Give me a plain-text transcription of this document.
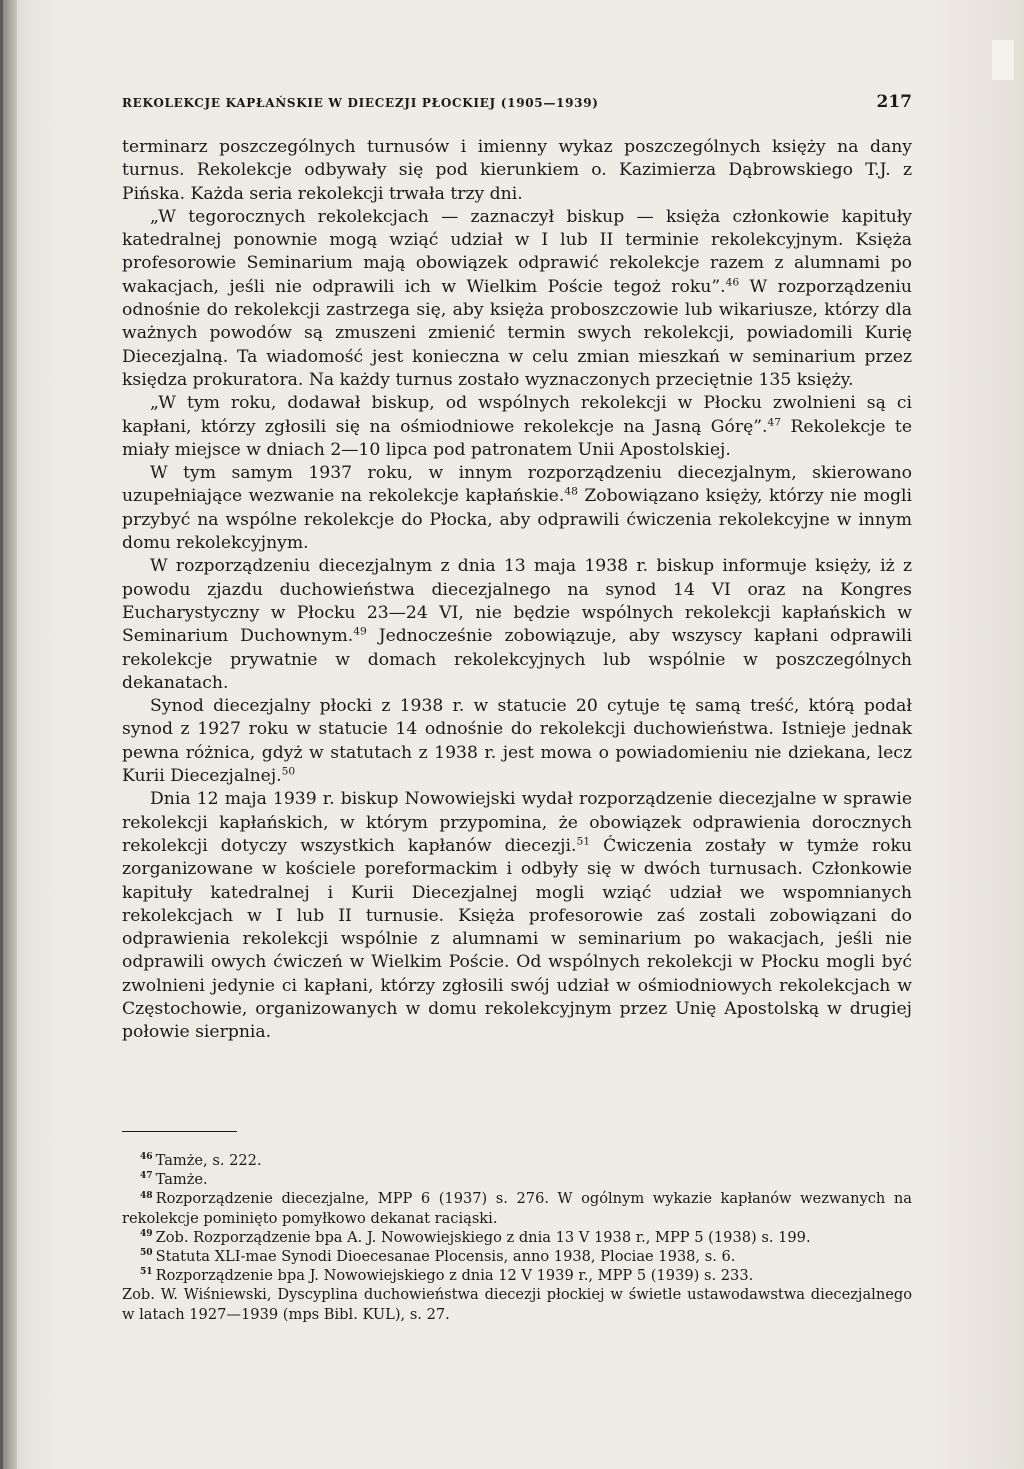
REKOLEKCJE KAPŁAŃSKIE W DIECEZJI PŁOCKIEJ (1905—1939)	217

terminarz poszczególnych turnusów i imienny wykaz poszczególnych księży na dany turnus. Rekolekcje odbywały się pod kierunkiem o. Kazimierza Dąbrowskiego T.J. z Pińska. Każda seria rekolekcji trwała trzy dni.

„W tegorocznych rekolekcjach — zaznaczył biskup — księża członkowie kapituły katedralnej ponownie mogą wziąć udział w I lub II terminie rekolekcyjnym. Księża profesorowie Seminarium mają obowiązek odprawić rekolekcje razem z alumnami po wakacjach, jeśli nie odprawili ich w Wielkim Poście tegoż roku”.$^{46}$ W rozporządzeniu odnośnie do rekolekcji zastrzega się, aby księża proboszczowie lub wikariusze, którzy dla ważnych powodów są zmuszeni zmienić termin swych rekolekcji, powiadomili Kurię Diecezjalną. Ta wiadomość jest konieczna w celu zmian mieszkań w seminarium przez księdza prokuratora. Na każdy turnus zostało wyznaczonych przeciętnie 135 księży.

„W tym roku, dodawał biskup, od wspólnych rekolekcji w Płocku zwolnieni są ci kapłani, którzy zgłosili się na ośmiodniowe rekolekcje na Jasną Górę”.$^{47}$ Rekolekcje te miały miejsce w dniach 2—10 lipca pod patronatem Unii Apostolskiej.

W tym samym 1937 roku, w innym rozporządzeniu diecezjalnym, skierowano uzupełniające wezwanie na rekolekcje kapłańskie.$^{48}$ Zobowiązano księży, którzy nie mogli przybyć na wspólne rekolekcje do Płocka, aby odprawili ćwiczenia rekolekcyjne w innym domu rekolekcyjnym.

W rozporządzeniu diecezjalnym z dnia 13 maja 1938 r. biskup informuje księży, iż z powodu zjazdu duchowieństwa diecezjalnego na synod 14 VI oraz na Kongres Eucharystyczny w Płocku 23—24 VI, nie będzie wspólnych rekolekcji kapłańskich w Seminarium Duchownym.$^{49}$ Jednocześnie zobowiązuje, aby wszyscy kapłani odprawili rekolekcje prywatnie w domach rekolekcyjnych lub wspólnie w poszczególnych dekanatach.

Synod diecezjalny płocki z 1938 r. w statucie 20 cytuje tę samą treść, którą podał synod z 1927 roku w statucie 14 odnośnie do rekolekcji duchowieństwa. Istnieje jednak pewna różnica, gdyż w statutach z 1938 r. jest mowa o powiadomieniu nie dziekana, lecz Kurii Diecezjalnej.$^{50}$

Dnia 12 maja 1939 r. biskup Nowowiejski wydał rozporządzenie diecezjalne w sprawie rekolekcji kapłańskich, w którym przypomina, że obowiązek odprawienia dorocznych rekolekcji dotyczy wszystkich kapłanów diecezji.$^{51}$ Ćwiczenia zostały w tymże roku zorganizowane w kościele poreformackim i odbyły się w dwóch turnusach. Członkowie kapituły katedralnej i Kurii Diecezjalnej mogli wziąć udział we wspomnianych rekolekcjach w I lub II turnusie. Księża profesorowie zaś zostali zobowiązani do odprawienia rekolekcji wspólnie z alumnami w seminarium po wakacjach, jeśli nie odprawili owych ćwiczeń w Wielkim Poście. Od wspólnych rekolekcji w Płocku mogli być zwolnieni jedynie ci kapłani, którzy zgłosili swój udział w ośmiodniowych rekolekcjach w Częstochowie, organizowanych w domu rekolekcyjnym przez Unię Apostolską w drugiej połowie sierpnia.

$^{46}$ Tamże, s. 222.

$^{47}$ Tamże.

$^{48}$ Rozporządzenie diecezjalne, MPP 6 (1937) s. 276. W ogólnym wykazie kapłanów wezwanych na rekolekcje pominięto pomyłkowo dekanat raciąski.

$^{49}$ Zob. Rozporządzenie bpa A. J. Nowowiejskiego z dnia 13 V 1938 r., MPP 5 (1938) s. 199.

$^{50}$ Statuta XLI-mae Synodi Dioecesanae Plocensis, anno 1938, Plociae 1938, s. 6.

$^{51}$ Rozporządzenie bpa J. Nowowiejskiego z dnia 12 V 1939 r., MPP 5 (1939) s. 233.

Zob. W. Wiśniewski, Dyscyplina duchowieństwa diecezji płockiej w świetle ustawodawstwa diecezjalnego w latach 1927—1939 (mps Bibl. KUL), s. 27.
